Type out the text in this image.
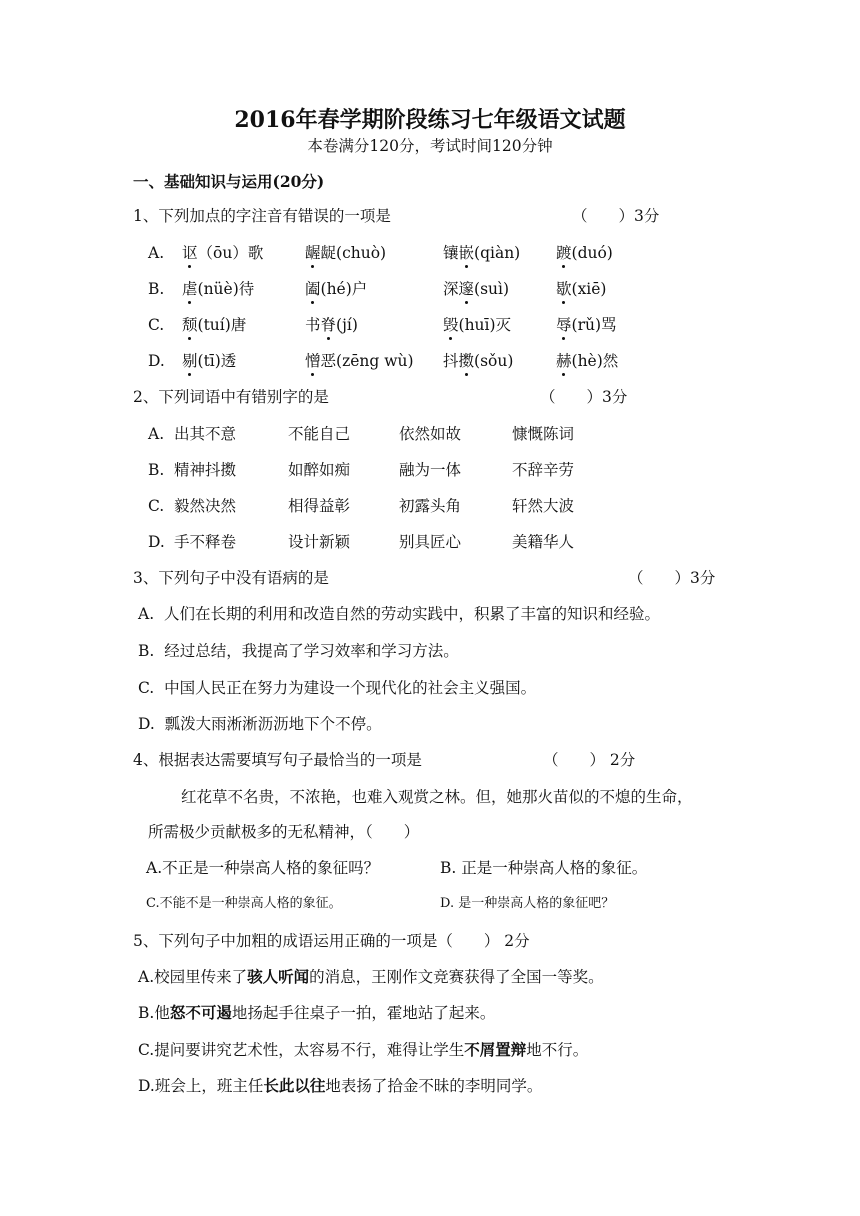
2016年春学期阶段练习七年级语文试题
本卷满分120分，考试时间120分钟
一、基础知识与运用(20分)
1、下列加点的字注音有错误的一项是	（　　）3分
A. 讴（ōu）歌	龌龊(chuò)	镶嵌(qiàn) 踱(duó)
B. 虐(nüè)待	阖(hé)户	深邃(suì)	歇(xiē)
C. 颓(tuí)唐	书脊(jí)	毁(huī)灭	辱(rǔ)骂
D. 剔(tī)透	憎恶(zēng wù) 抖擞(sǒu)	赫(hè)然
2、下列词语中有错别字的是	（　　）3分
A. 出其不意	不能自己	依然如故	慷慨陈词
B. 精神抖擞	如醉如痴	融为一体	不辞辛劳
C. 毅然决然	相得益彰	初露头角	轩然大波
D. 手不释卷	设计新颖	别具匠心	美籍华人
3、下列句子中没有语病的是	（　　）3分
A. 人们在长期的利用和改造自然的劳动实践中，积累了丰富的知识和经验。
B. 经过总结，我提高了学习效率和学习方法。
C. 中国人民正在努力为建设一个现代化的社会主义强国。
D. 瓢泼大雨淅淅沥沥地下个不停。
4、根据表达需要填写句子最恰当的一项是	（　　） 2分
红花草不名贵，不浓艳，也难入观赏之林。但，她那火苗似的不熄的生命，
所需极少贡献极多的无私精神，（　　）
A.不正是一种崇高人格的象征吗？	B. 正是一种崇高人格的象征。
C.不能不是一种崇高人格的象征。	D. 是一种崇高人格的象征吧？
5、下列句子中加粗的成语运用正确的一项是（　　） 2分
A.校园里传来了骇人听闻的消息，王刚作文竞赛获得了全国一等奖。
B.他怒不可遏地扬起手往桌子一拍，霍地站了起来。
C.提问要讲究艺术性，太容易不行，难得让学生不屑置辩地不行。
D.班会上，班主任长此以往地表扬了拾金不昧的李明同学。
